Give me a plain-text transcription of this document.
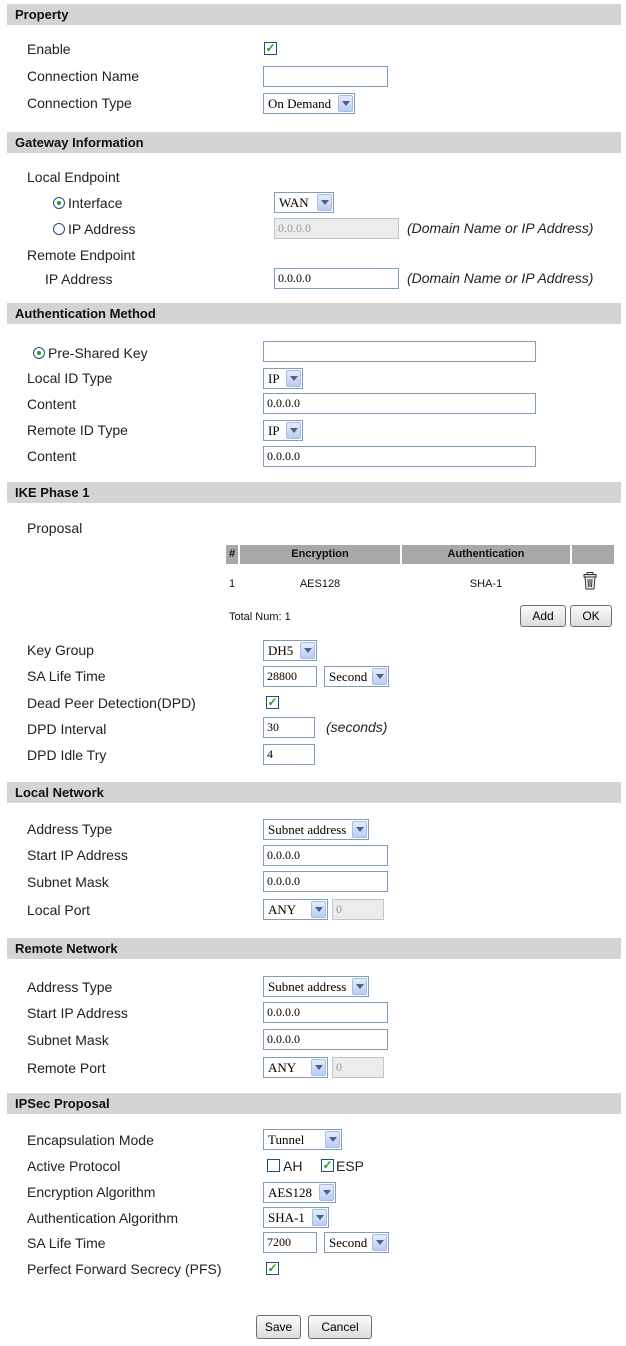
Property
Enable	✓
Connection Name
Connection Type	On Demand
Gateway Information
Local Endpoint
Interface	WAN
IP Address	0.0.0.0	(Domain Name or IP Address)
Remote Endpoint
IP Address	0.0.0.0	(Domain Name or IP Address)
Authentication Method
Pre-Shared Key
Local ID Type	IP
Content	0.0.0.0
Remote ID Type	IP
Content	0.0.0.0
IKE Phase 1
Proposal
#	Encryption	Authentication
1	AES128	SHA-1
Total Num: 1	Add	OK
Key Group	DH5
SA Life Time	28800	Second
Dead Peer Detection(DPD)	✓
DPD Interval	30	(seconds)
DPD Idle Try	4
Local Network
Address Type	Subnet address
Start IP Address	0.0.0.0
Subnet Mask	0.0.0.0
Local Port	ANY	0
Remote Network
Address Type	Subnet address
Start IP Address	0.0.0.0
Subnet Mask	0.0.0.0
Remote Port	ANY	0
IPSec Proposal
Encapsulation Mode	Tunnel
Active Protocol	AH ✓ ESP
Encryption Algorithm	AES128
Authentication Algorithm	SHA-1
SA Life Time	7200	Second
Perfect Forward Secrecy (PFS)	✓
Save	Cancel
